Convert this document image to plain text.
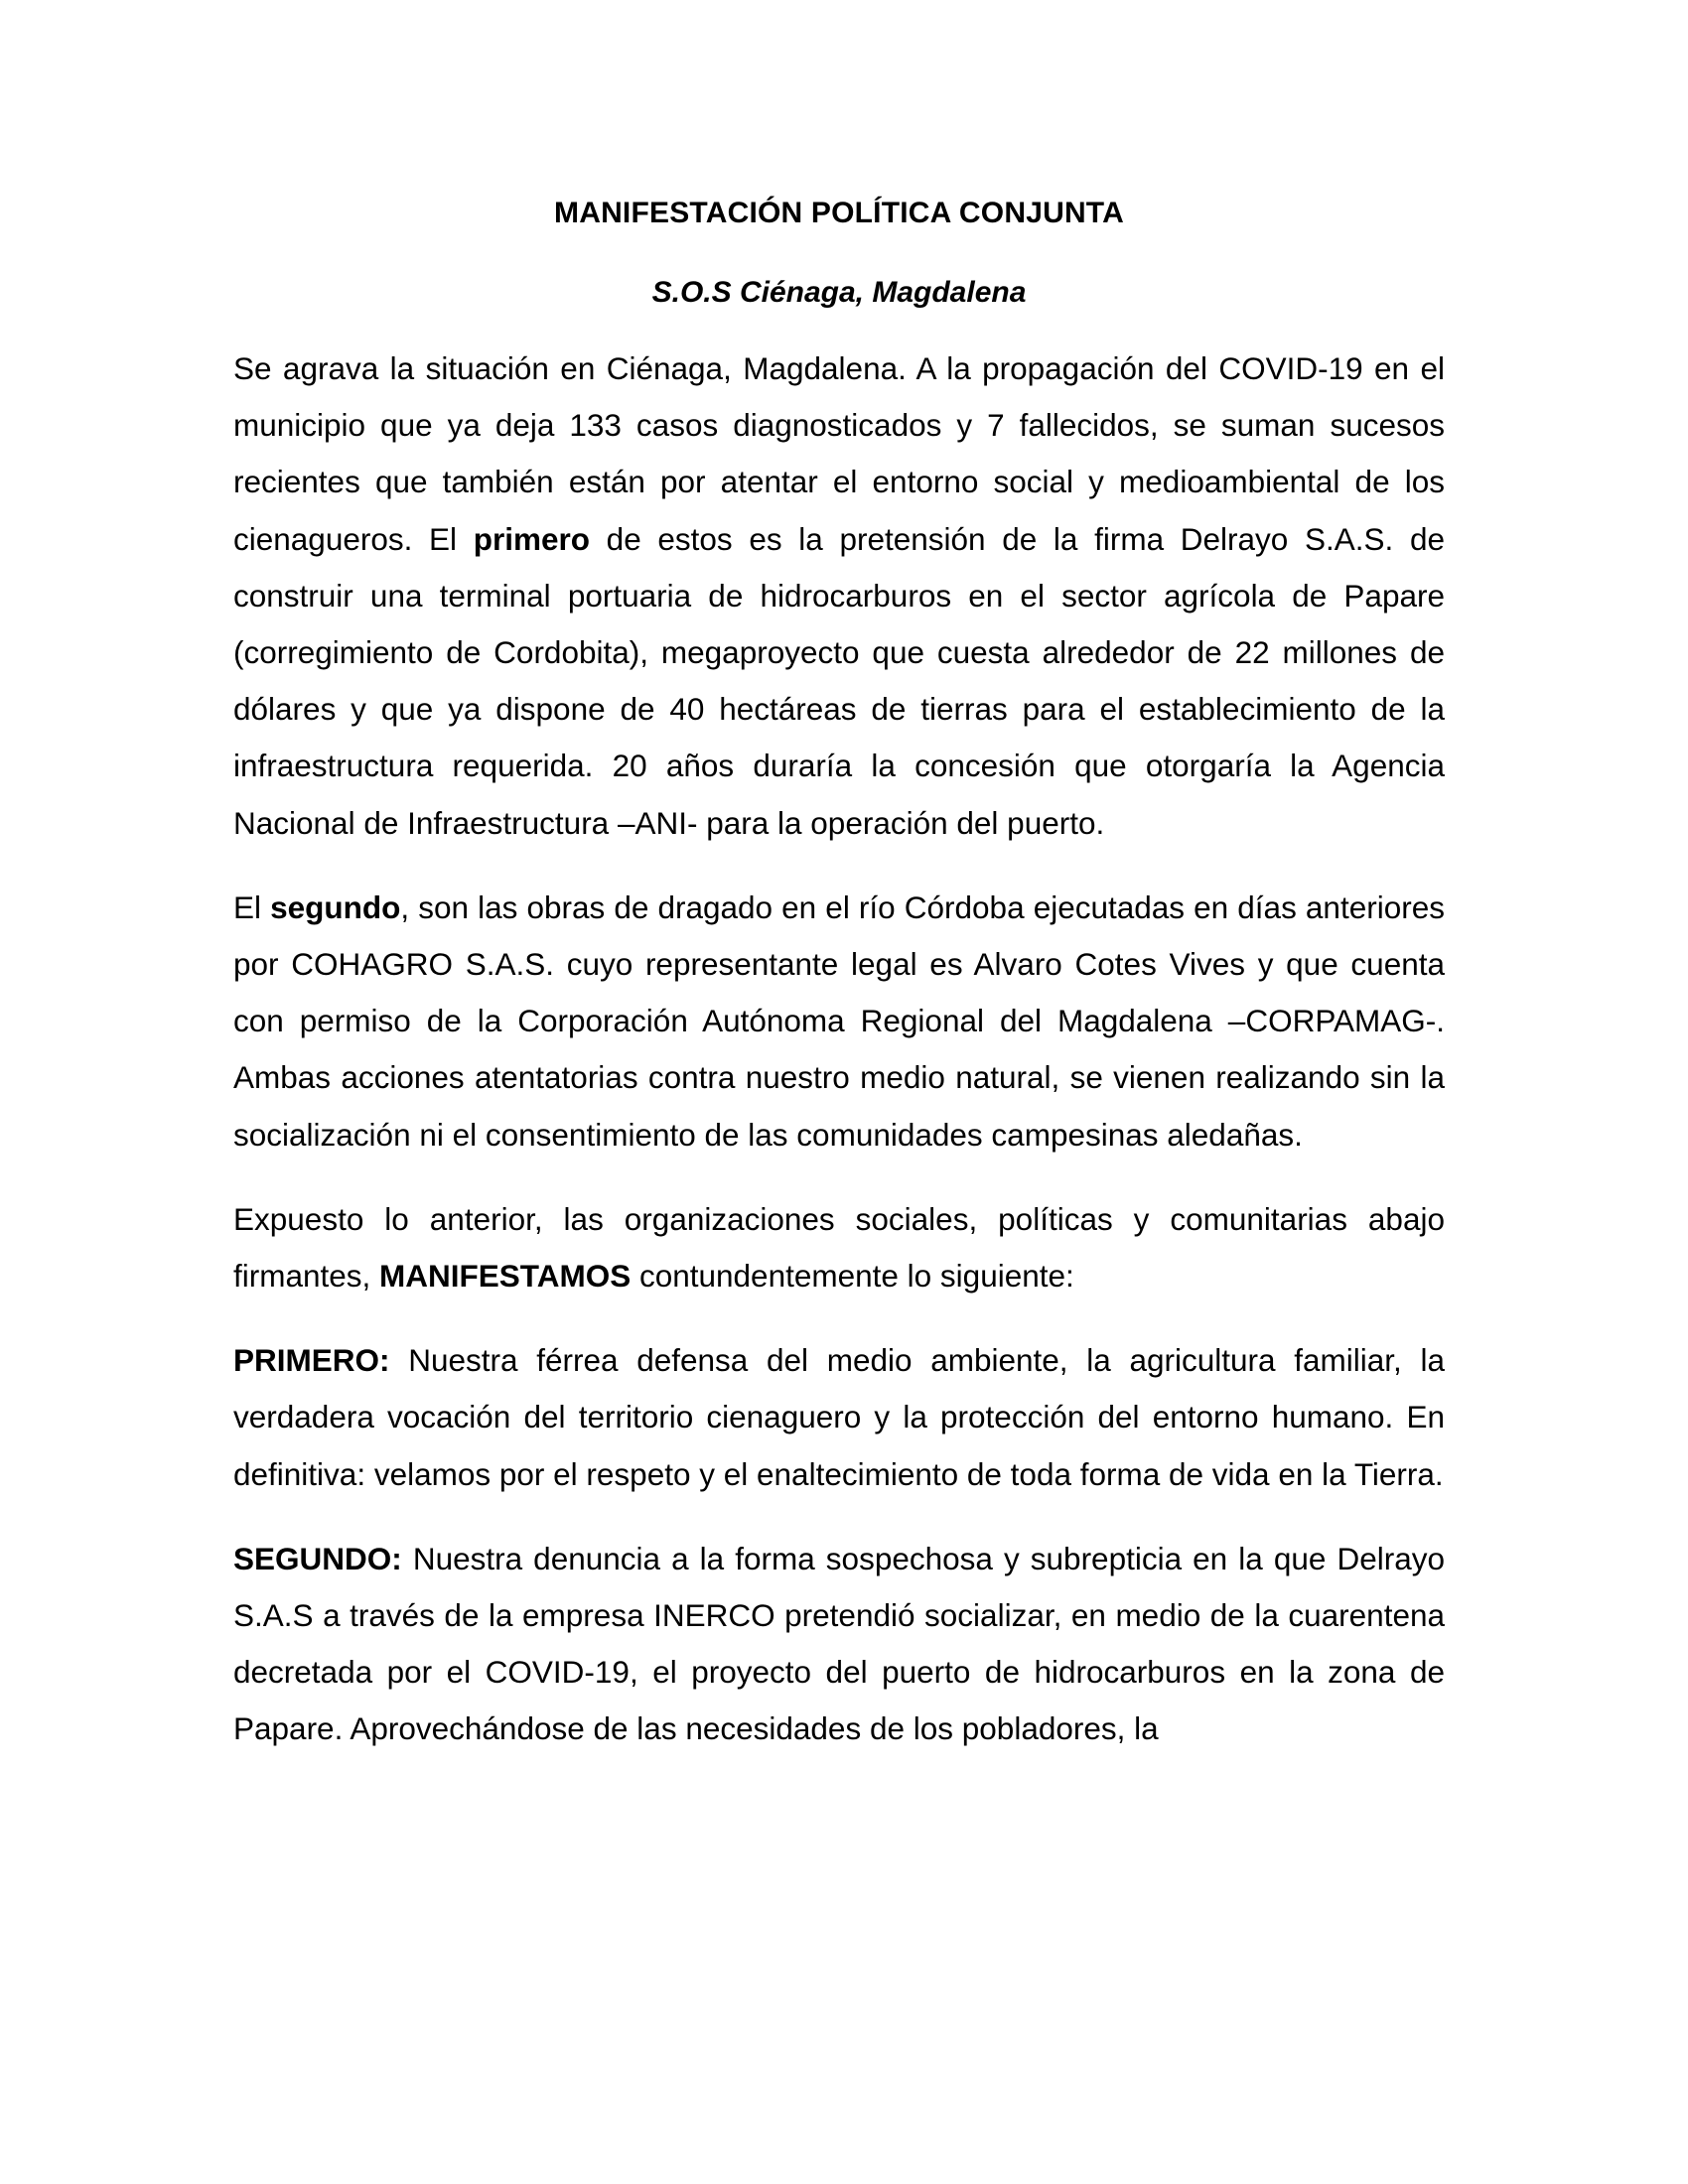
MANIFESTACIÓN POLÍTICA CONJUNTA
S.O.S Ciénaga, Magdalena

Se agrava la situación en Ciénaga, Magdalena. A la propagación del COVID-19 en el municipio que ya deja 133 casos diagnosticados y 7 fallecidos, se suman sucesos recientes que también están por atentar el entorno social y medioambiental de los cienagueros. El primero de estos es la pretensión de la firma Delrayo S.A.S. de construir una terminal portuaria de hidrocarburos en el sector agrícola de Papare (corregimiento de Cordobita), megaproyecto que cuesta alrededor de 22 millones de dólares y que ya dispone de 40 hectáreas de tierras para el establecimiento de la infraestructura requerida. 20 años duraría la concesión que otorgaría la Agencia Nacional de Infraestructura –ANI- para la operación del puerto.

El segundo, son las obras de dragado en el río Córdoba ejecutadas en días anteriores por COHAGRO S.A.S. cuyo representante legal es Alvaro Cotes Vives y que cuenta con permiso de la Corporación Autónoma Regional del Magdalena –CORPAMAG-. Ambas acciones atentatorias contra nuestro medio natural, se vienen realizando sin la socialización ni el consentimiento de las comunidades campesinas aledañas.

Expuesto lo anterior, las organizaciones sociales, políticas y comunitarias abajo firmantes, MANIFESTAMOS contundentemente lo siguiente:

PRIMERO: Nuestra férrea defensa del medio ambiente, la agricultura familiar, la verdadera vocación del territorio cienaguero y la protección del entorno humano. En definitiva: velamos por el respeto y el enaltecimiento de toda forma de vida en la Tierra.

SEGUNDO: Nuestra denuncia a la forma sospechosa y subrepticia en la que Delrayo S.A.S a través de la empresa INERCO pretendió socializar, en medio de la cuarentena decretada por el COVID-19, el proyecto del puerto de hidrocarburos en la zona de Papare. Aprovechándose de las necesidades de los pobladores, la
